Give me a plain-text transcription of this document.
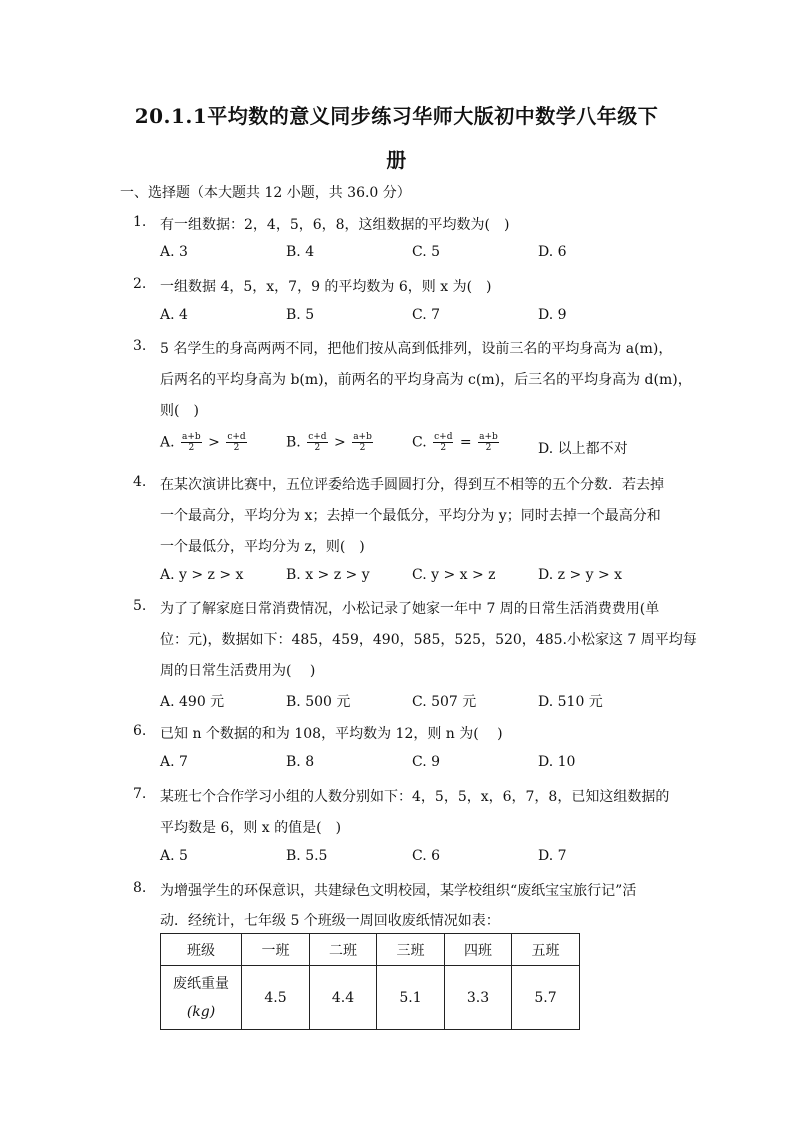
20.1.1平均数的意义同步练习华师大版初中数学八年级下
册
一、选择题（本大题共 12 小题，共 36.0 分）
1. 有一组数据：2，4，5，6，8，这组数据的平均数为(　)
A. 3	B. 4	C. 5	D. 6
2. 一组数据 4，5，x，7，9 的平均数为 6，则 x 为(　)
A. 4	B. 5	C. 7	D. 9
3. 5 名学生的身高两两不同，把他们按从高到低排列，设前三名的平均身高为 a(m)，
后两名的平均身高为 b(m)，前两名的平均身高为 c(m)，后三名的平均身高为 d(m)，
则(　)
A. $\frac{a+b}{2} > \frac{c+d}{2}$	B. $\frac{c+d}{2} > \frac{a+b}{2}$	C. $\frac{c+d}{2} = \frac{a+b}{2}$	D. 以上都不对
4. 在某次演讲比赛中，五位评委给选手圆圆打分，得到互不相等的五个分数．若去掉
一个最高分，平均分为 x；去掉一个最低分，平均分为 y；同时去掉一个最高分和
一个最低分，平均分为 z，则(　)
A. y > z > x	B. x > z > y	C. y > x > z	D. z > y > x
5. 为了了解家庭日常消费情况，小松记录了她家一年中 7 周的日常生活消费费用(单
位：元)，数据如下：485，459，490，585，525，520，485.小松家这 7 周平均每
周的日常生活费用为(　 )
A. 490 元	B. 500 元	C. 507 元	D. 510 元
6. 已知 n 个数据的和为 108，平均数为 12，则 n 为(　 )
A. 7	B. 8	C. 9	D. 10
7. 某班七个合作学习小组的人数分别如下：4，5，5，x，6，7，8，已知这组数据的
平均数是 6，则 x 的值是(　)
A. 5	B. 5.5	C. 6	D. 7
8. 为增强学生的环保意识，共建绿色文明校园，某学校组织“废纸宝宝旅行记”活
动．经统计，七年级 5 个班级一周回收废纸情况如表：
班级	一班	二班	三班	四班	五班

废纸重量
(kg)	4.5	4.4	5.1	3.3	5.7
